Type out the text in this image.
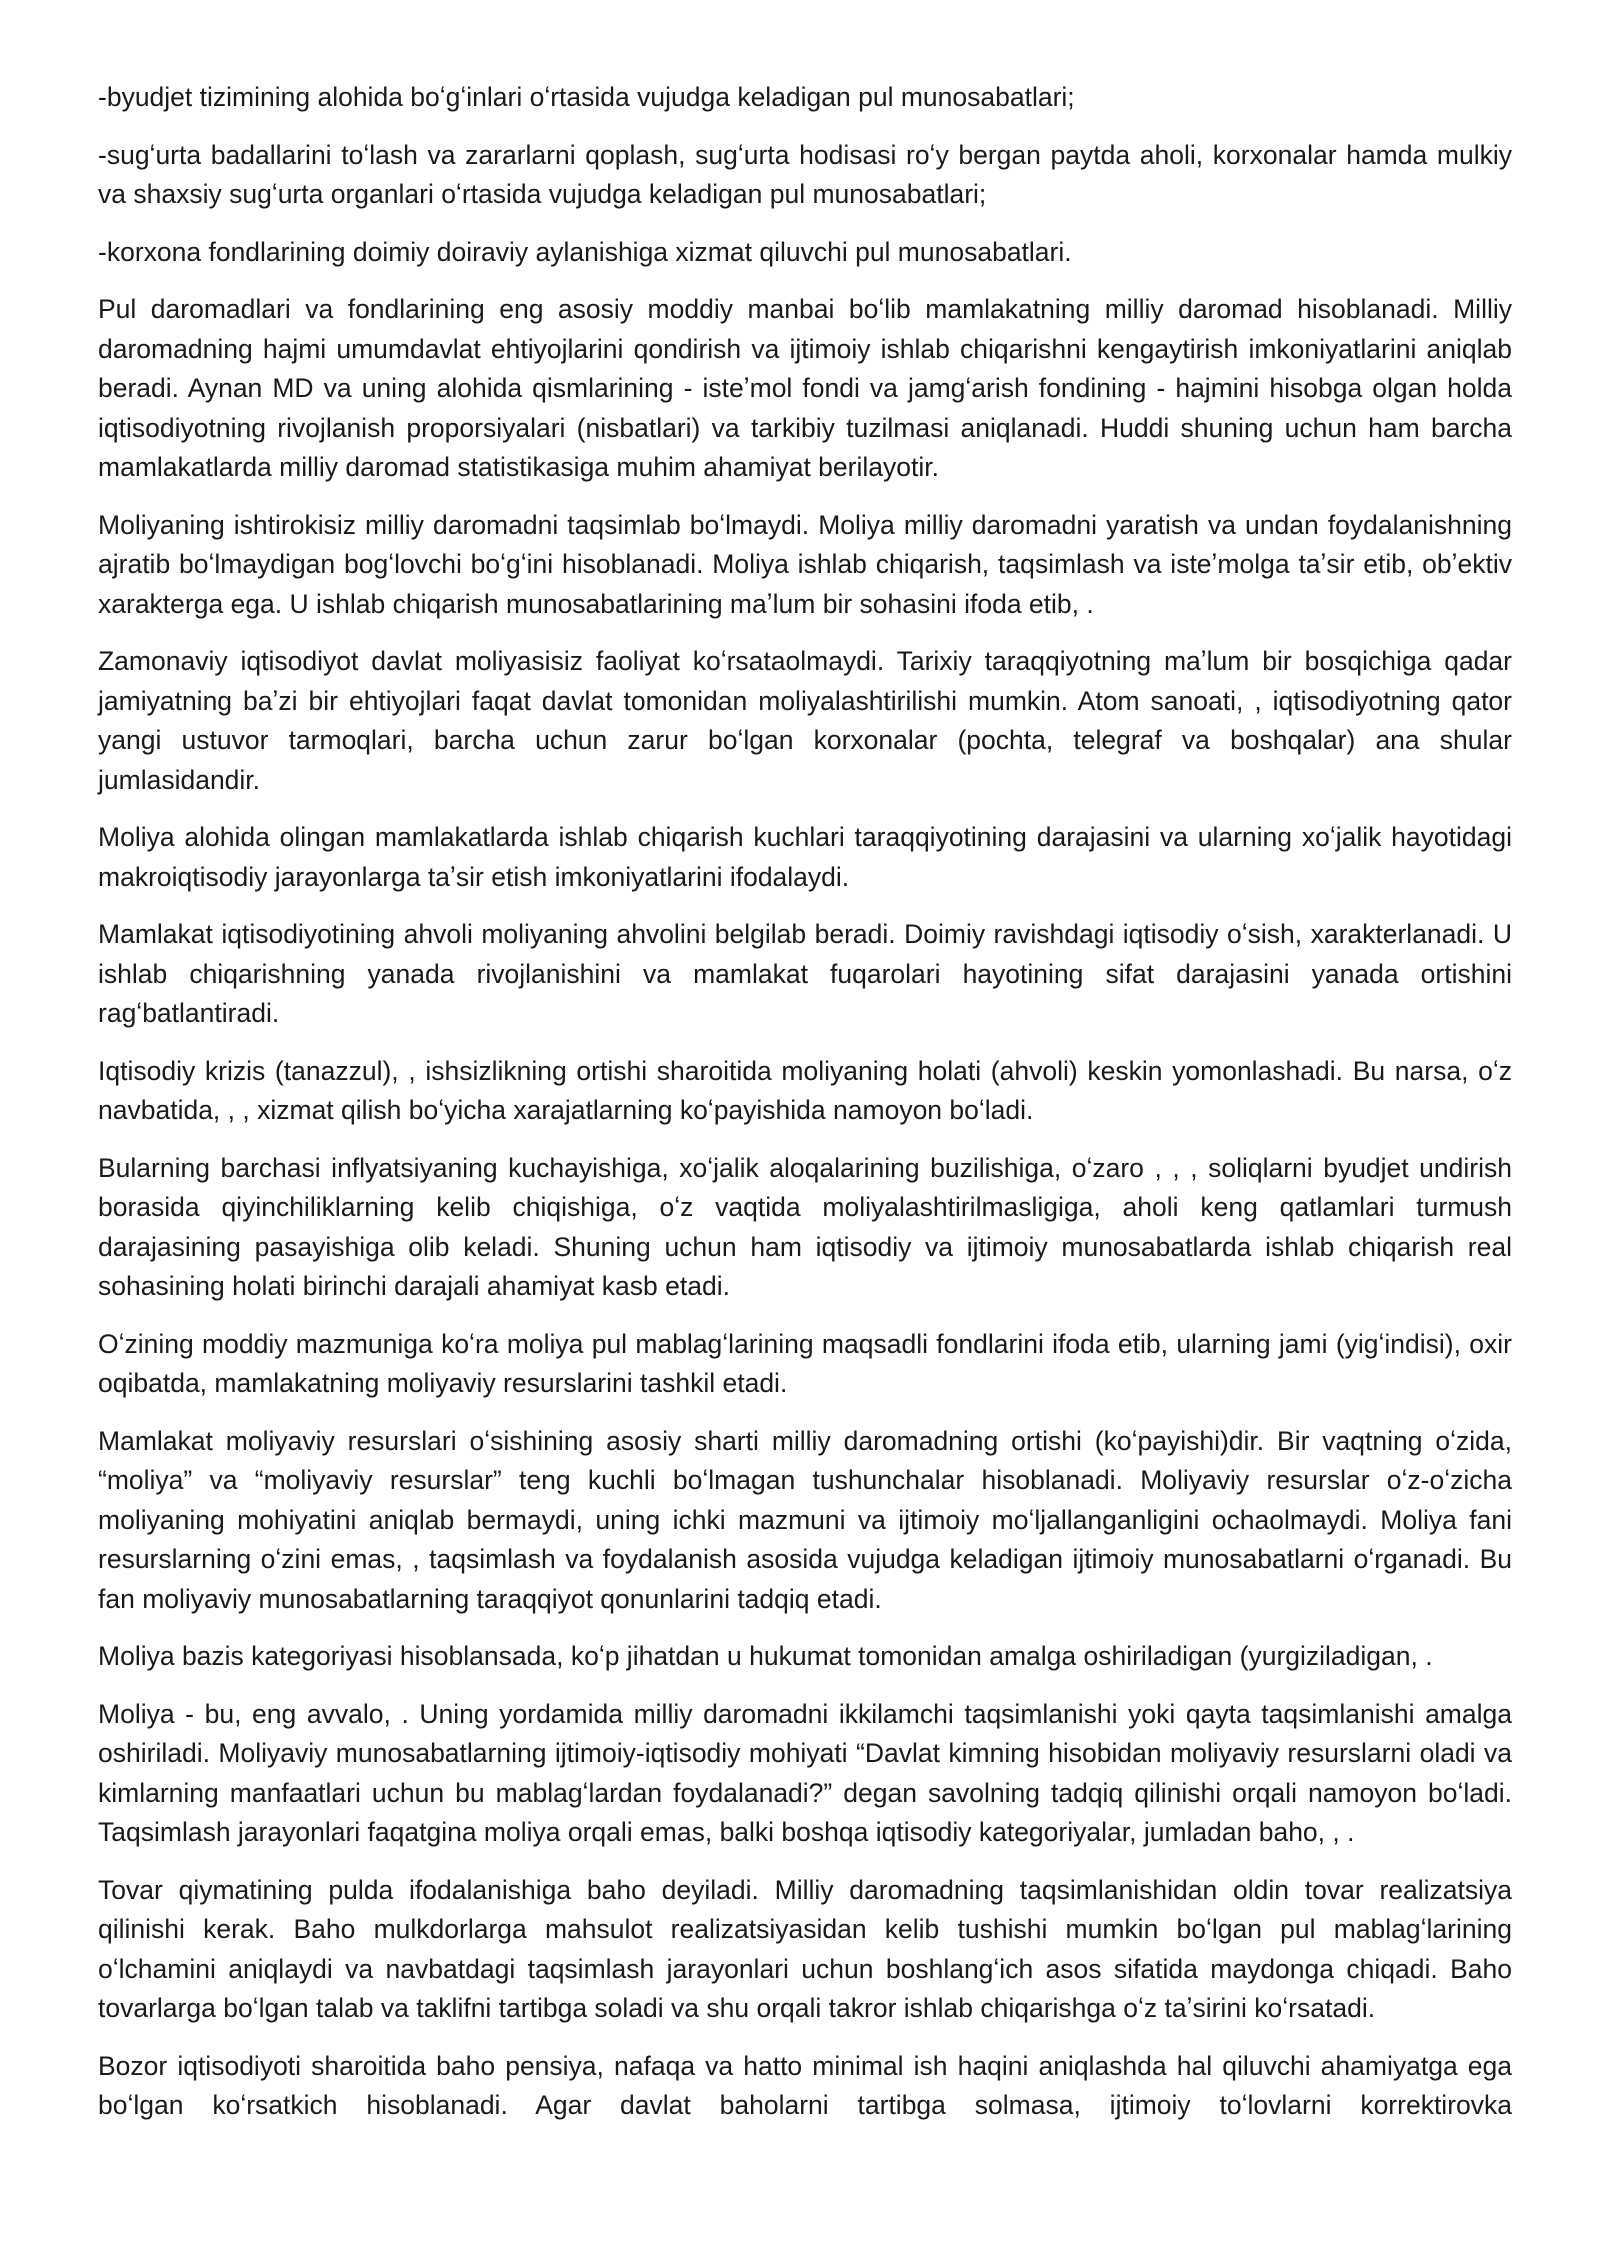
-byudjet tizimining alohida boʻgʻinlari oʻrtasida vujudga keladigan pul munosabatlari;

-sugʻurta badallarini toʻlash va zararlarni qoplash, sugʻurta hodisasi roʻy bergan paytda aholi, korxonalar hamda mulkiy va shaxsiy sugʻurta organlari oʻrtasida vujudga keladigan pul munosabatlari;

-korxona fondlarining doimiy doiraviy aylanishiga xizmat qiluvchi pul munosabatlari.

Pul daromadlari va fondlarining eng asosiy moddiy manbai boʻlib mamlakatning milliy daromad hisoblanadi. Milliy daromadning hajmi umumdavlat ehtiyojlarini qondirish va ijtimoiy ishlab chiqarishni kengaytirish imkoniyatlarini aniqlab beradi. Aynan MD va uning alohida qismlarining - isteʼmol fondi va jamgʻarish fondining - hajmini hisobga olgan holda iqtisodiyotning rivojlanish proporsiyalari (nisbatlari) va tarkibiy tuzilmasi aniqlanadi. Huddi shuning uchun ham barcha mamlakatlarda milliy daromad statistikasiga muhim ahamiyat berilayotir.

Moliyaning ishtirokisiz milliy daromadni taqsimlab boʻlmaydi. Moliya milliy daromadni yaratish va undan foydalanishning ajratib boʻlmaydigan bogʻlovchi boʻgʻini hisoblanadi. Moliya ishlab chiqarish, taqsimlash va isteʼmolga taʼsir etib, obʼektiv xarakterga ega. U ishlab chiqarish munosabatlarining maʼlum bir sohasini ifoda etib, .

Zamonaviy iqtisodiyot davlat moliyasisiz faoliyat koʻrsataolmaydi. Tarixiy taraqqiyotning maʼlum bir bosqichiga qadar jamiyatning baʼzi bir ehtiyojlari faqat davlat tomonidan moliyalashtirilishi mumkin. Atom sanoati, , iqtisodiyotning qator yangi ustuvor tarmoqlari, barcha uchun zarur boʻlgan korxonalar (pochta, telegraf va boshqalar) ana shular jumlasidandir.

Moliya alohida olingan mamlakatlarda ishlab chiqarish kuchlari taraqqiyotining darajasini va ularning xoʻjalik hayotidagi makroiqtisodiy jarayonlarga taʼsir etish imkoniyatlarini ifodalaydi.

Mamlakat iqtisodiyotining ahvoli moliyaning ahvolini belgilab beradi. Doimiy ravishdagi iqtisodiy oʻsish, xarakterlanadi. U ishlab chiqarishning yanada rivojlanishini va mamlakat fuqarolari hayotining sifat darajasini yanada ortishini ragʻbatlantiradi.

Iqtisodiy krizis (tanazzul), , ishsizlikning ortishi sharoitida moliyaning holati (ahvoli) keskin yomonlashadi. Bu narsa, oʻz navbatida, , , xizmat qilish boʻyicha xarajatlarning koʻpayishida namoyon boʻladi.

Bularning barchasi inflyatsiyaning kuchayishiga, xoʻjalik aloqalarining buzilishiga, oʻzaro , , , soliqlarni byudjet undirish borasida qiyinchiliklarning kelib chiqishiga, oʻz vaqtida moliyalashtirilmasligiga, aholi keng qatlamlari turmush darajasining pasayishiga olib keladi. Shuning uchun ham iqtisodiy va ijtimoiy munosabatlarda ishlab chiqarish real sohasining holati birinchi darajali ahamiyat kasb etadi.

Oʻzining moddiy mazmuniga koʻra moliya pul mablagʻlarining maqsadli fondlarini ifoda etib, ularning jami (yigʻindisi), oxir oqibatda, mamlakatning moliyaviy resurslarini tashkil etadi.

Mamlakat moliyaviy resurslari oʻsishining asosiy sharti milliy daromadning ortishi (koʻpayishi)dir. Bir vaqtning oʻzida, “moliya” va “moliyaviy resurslar” teng kuchli boʻlmagan tushunchalar hisoblanadi. Moliyaviy resurslar oʻz-oʻzicha moliyaning mohiyatini aniqlab bermaydi, uning ichki mazmuni va ijtimoiy moʻljallanganligini ochaolmaydi. Moliya fani resurslarning oʻzini emas, , taqsimlash va foydalanish asosida vujudga keladigan ijtimoiy munosabatlarni oʻrganadi. Bu fan moliyaviy munosabatlarning taraqqiyot qonunlarini tadqiq etadi.

Moliya bazis kategoriyasi hisoblansada, koʻp jihatdan u hukumat tomonidan amalga oshiriladigan (yurgiziladigan, .

Moliya - bu, eng avvalo, . Uning yordamida milliy daromadni ikkilamchi taqsimlanishi yoki qayta taqsimlanishi amalga oshiriladi. Moliyaviy munosabatlarning ijtimoiy-iqtisodiy mohiyati “Davlat kimning hisobidan moliyaviy resurslarni oladi va kimlarning manfaatlari uchun bu mablagʻlardan foydalanadi?” degan savolning tadqiq qilinishi orqali namoyon boʻladi. Taqsimlash jarayonlari faqatgina moliya orqali emas, balki boshqa iqtisodiy kategoriyalar, jumladan baho, , .

Tovar qiymatining pulda ifodalanishiga baho deyiladi. Milliy daromadning taqsimlanishidan oldin tovar realizatsiya qilinishi kerak. Baho mulkdorlarga mahsulot realizatsiyasidan kelib tushishi mumkin boʻlgan pul mablagʻlarining oʻlchamini aniqlaydi va navbatdagi taqsimlash jarayonlari uchun boshlangʻich asos sifatida maydonga chiqadi. Baho tovarlarga boʻlgan talab va taklifni tartibga soladi va shu orqali takror ishlab chiqarishga oʻz taʼsirini koʻrsatadi.

Bozor iqtisodiyoti sharoitida baho pensiya, nafaqa va hatto minimal ish haqini aniqlashda hal qiluvchi ahamiyatga ega boʻlgan koʻrsatkich hisoblanadi. Agar davlat baholarni tartibga solmasa, ijtimoiy toʻlovlarni korrektirovka
